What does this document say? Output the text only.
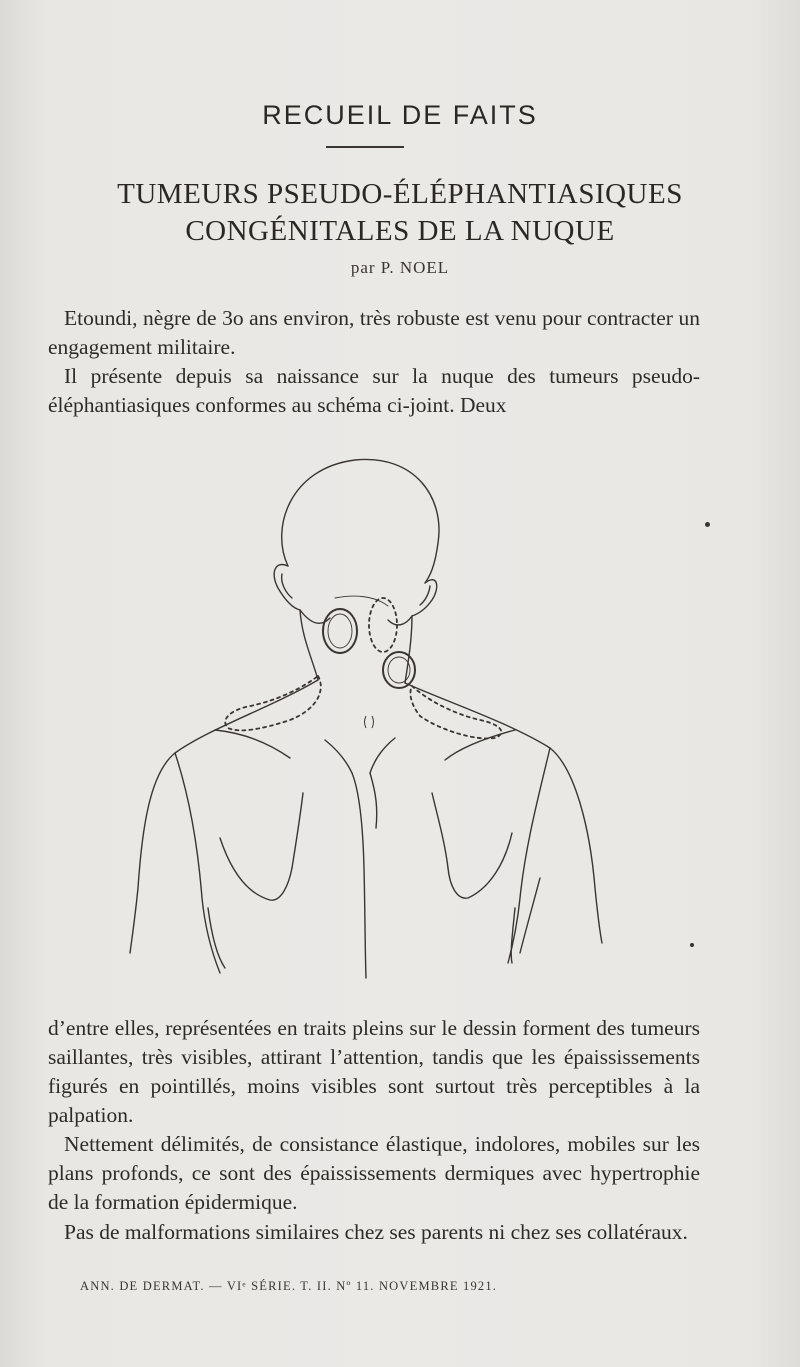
RECUEIL DE FAITS
TUMEURS PSEUDO-ÉLÉPHANTIASIQUES
CONGÉNITALES DE LA NUQUE
par P. NOEL

Etoundi, nègre de 3o ans environ, très robuste est venu pour contracter un engagement militaire.

Il présente depuis sa naissance sur la nuque des tumeurs pseudo-éléphantiasiques conformes au schéma ci-joint. Deux

d’entre elles, représentées en traits pleins sur le dessin forment des tumeurs saillantes, très visibles, attirant l’attention, tandis que les épaississements figurés en pointillés, moins visibles sont surtout très perceptibles à la palpation.

Nettement délimités, de consistance élastique, indolores, mobiles sur les plans profonds, ce sont des épaississements dermiques avec hypertrophie de la formation épidermique.

Pas de malformations similaires chez ses parents ni chez ses collatéraux.

ANN. DE DERMAT. — VIᵉ SÉRIE. T. II. Nº 11. NOVEMBRE 1921.
